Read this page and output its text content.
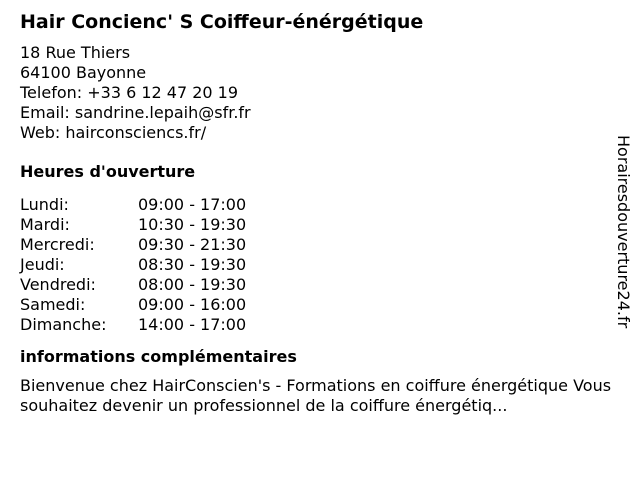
Hair Concienc' S Coiffeur-énérgétique
18 Rue Thiers
64100 Bayonne
Telefon: +33 6 12 47 20 19
Email: sandrine.lepaih@sfr.fr
Web: hairconsciencs.fr/
Heures d'ouverture
Lundi:	09:00 - 17:00
Mardi:	10:30 - 19:30
Mercredi:	09:30 - 21:30
Jeudi:	08:30 - 19:30
Vendredi:	08:00 - 19:30
Samedi:	09:00 - 16:00
Dimanche: 14:00 - 17:00
informations complémentaires
Bienvenue chez HairConscien's - Formations en coiffure énergétique Vous souhaitez devenir un professionnel de la coiffure énergétiq...
Horairesdouverture24.fr
